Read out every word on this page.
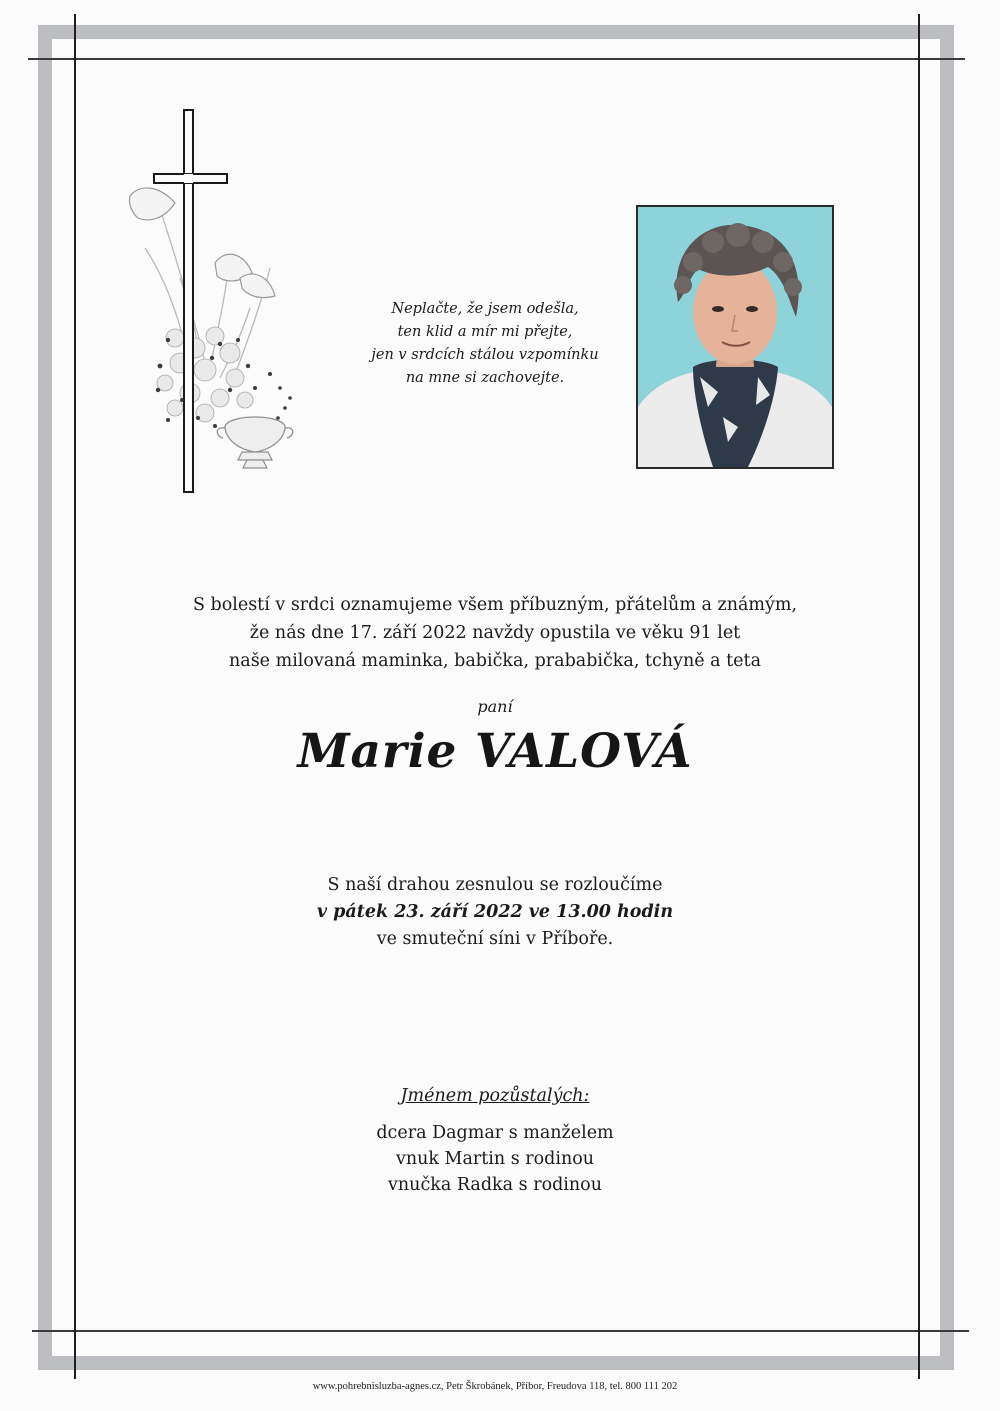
Neplačte, že jsem odešla,
ten klid a mír mi přejte,
jen v srdcích stálou vzpomínku
na mne si zachovejte.
S bolestí v srdci oznamujeme všem příbuzným, přátelům a známým,
že nás dne 17. září 2022 navždy opustila ve věku 91 let
naše milovaná maminka, babička, prababička, tchyně a teta
paní
Marie VALOVÁ
S naší drahou zesnulou se rozloučíme
v pátek 23. září 2022 ve 13.00 hodin
ve smuteční síni v Příboře.
Jménem pozůstalých:
dcera Dagmar s manželem
vnuk Martin s rodinou
vnučka Radka s rodinou
www.pohrebnisluzba-agnes.cz, Petr Škrobánek, Příbor, Freudova 118, tel. 800 111 202
